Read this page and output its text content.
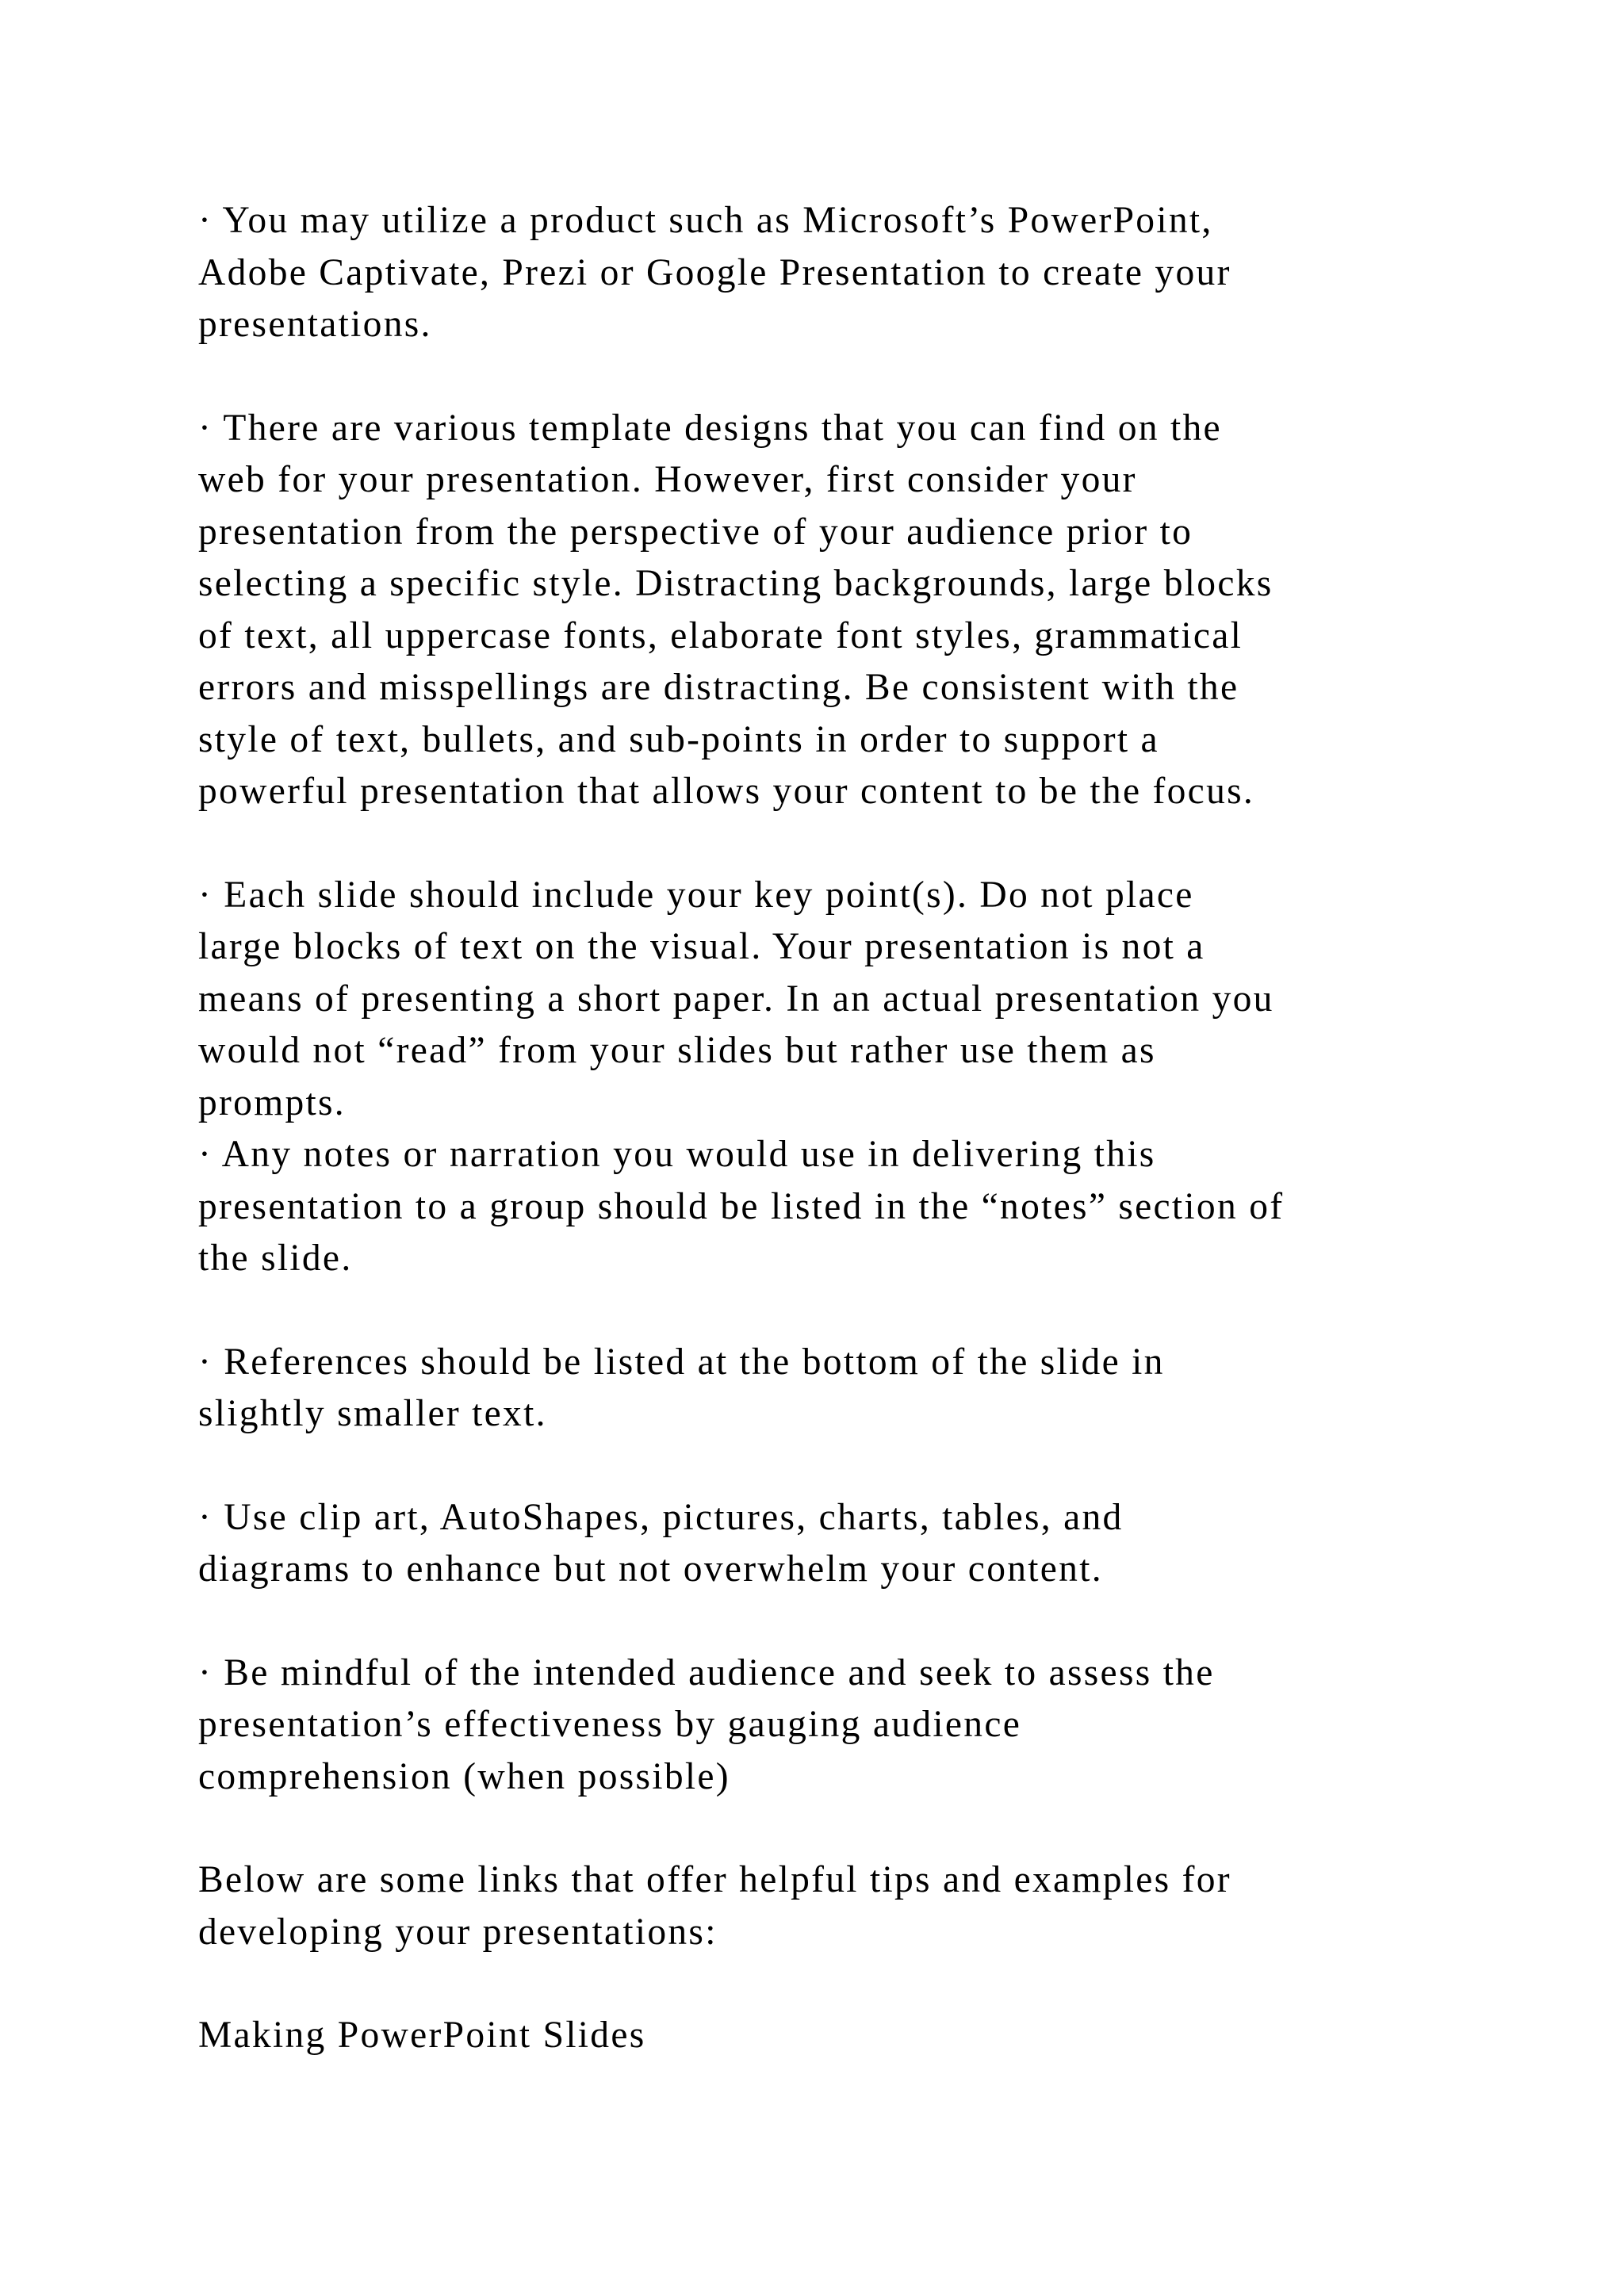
· You may utilize a product such as Microsoft’s PowerPoint,
Adobe Captivate, Prezi or Google Presentation to create your
presentations.
· There are various template designs that you can find on the
web for your presentation. However, first consider your
presentation from the perspective of your audience prior to
selecting a specific style. Distracting backgrounds, large blocks
of text, all uppercase fonts, elaborate font styles, grammatical
errors and misspellings are distracting. Be consistent with the
style of text, bullets, and sub-points in order to support a
powerful presentation that allows your content to be the focus.
· Each slide should include your key point(s). Do not place
large blocks of text on the visual. Your presentation is not a
means of presenting a short paper. In an actual presentation you
would not “read” from your slides but rather use them as
prompts.
· Any notes or narration you would use in delivering this
presentation to a group should be listed in the “notes” section of
the slide.
· References should be listed at the bottom of the slide in
slightly smaller text.
· Use clip art, AutoShapes, pictures, charts, tables, and
diagrams to enhance but not overwhelm your content.
· Be mindful of the intended audience and seek to assess the
presentation’s effectiveness by gauging audience
comprehension (when possible)
Below are some links that offer helpful tips and examples for
developing your presentations:
Making PowerPoint Slides
